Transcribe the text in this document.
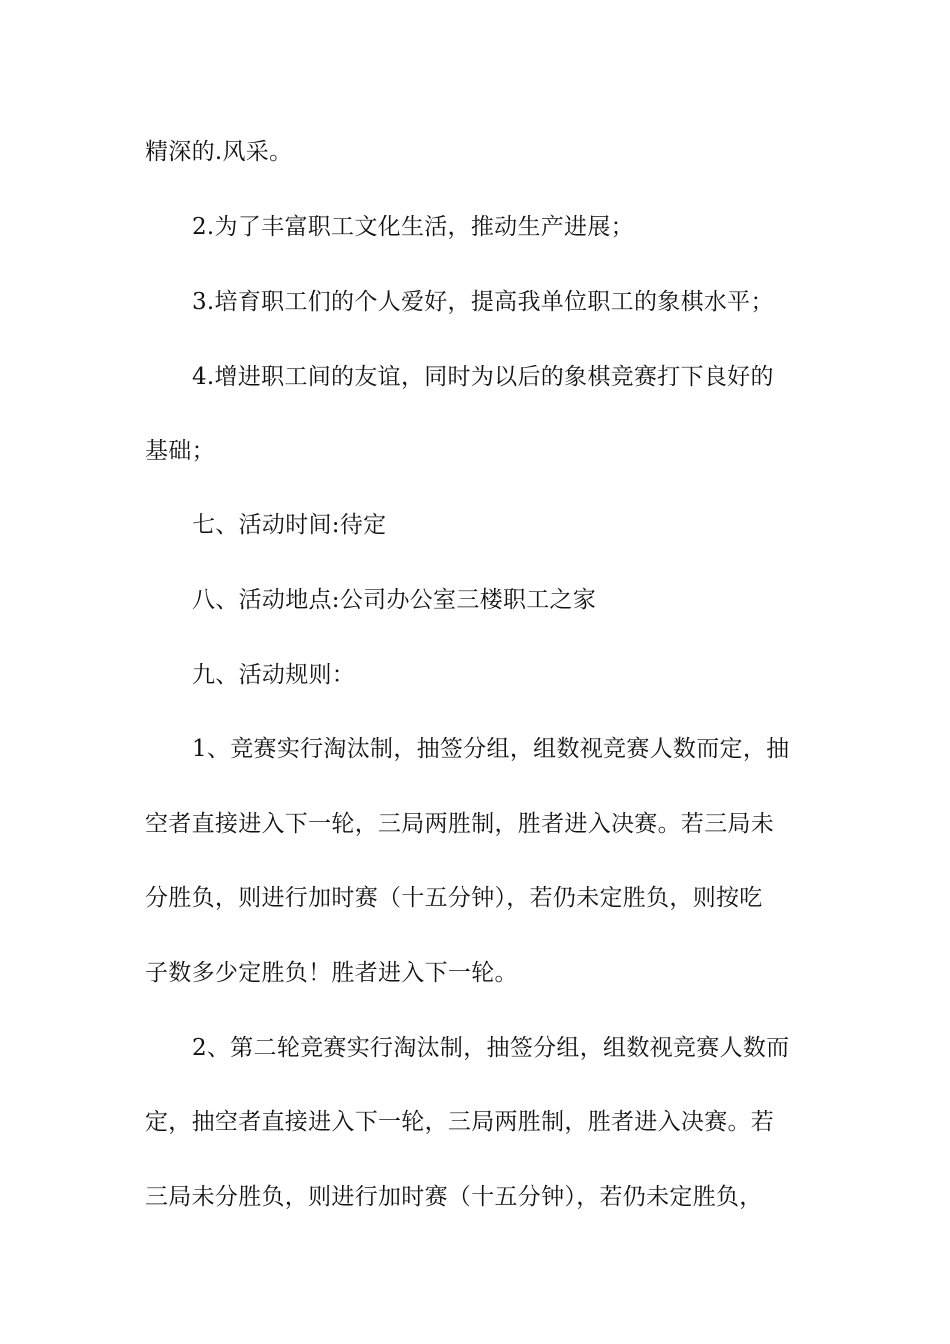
精深的.风采。
2.为了丰富职工文化生活，推动生产进展；
3.培育职工们的个人爱好，提高我单位职工的象棋水平；
4.增进职工间的友谊，同时为以后的象棋竞赛打下良好的
基础；
七、活动时间:待定
八、活动地点:公司办公室三楼职工之家
九、活动规则：
1、竞赛实行淘汰制，抽签分组，组数视竞赛人数而定，抽
空者直接进入下一轮，三局两胜制，胜者进入决赛。若三局未
分胜负，则进行加时赛（十五分钟），若仍未定胜负，则按吃
子数多少定胜负！胜者进入下一轮。
2、第二轮竞赛实行淘汰制，抽签分组，组数视竞赛人数而
定，抽空者直接进入下一轮，三局两胜制，胜者进入决赛。若
三局未分胜负，则进行加时赛（十五分钟），若仍未定胜负，
